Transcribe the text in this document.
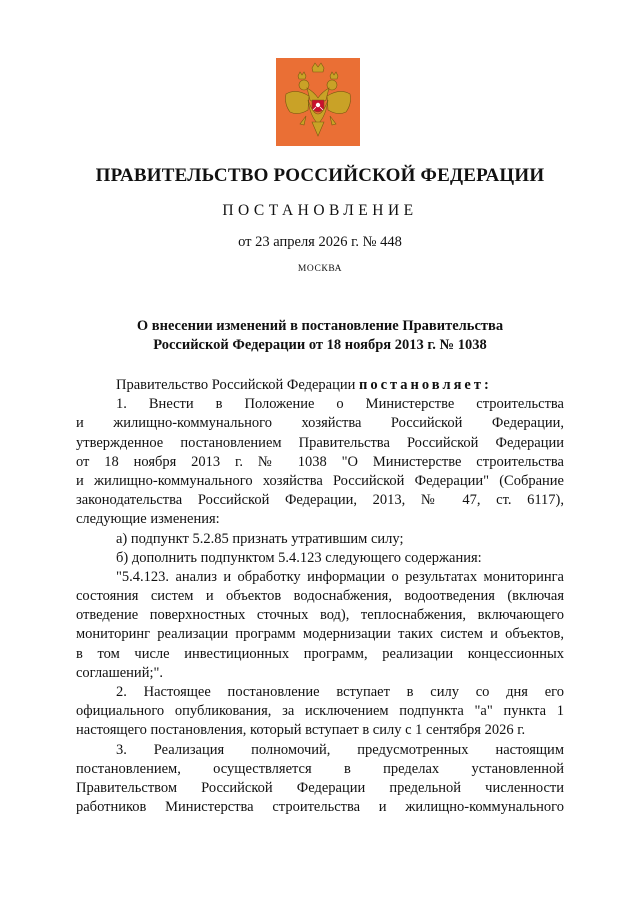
ПРАВИТЕЛЬСТВО РОССИЙСКОЙ ФЕДЕРАЦИИ
ПОСТАНОВЛЕНИЕ
от 23 апреля 2026 г. № 448
МОСКВА
О внесении изменений в постановление Правительства
Российской Федерации от 18 ноября 2013 г. № 1038
Правительство Российской Федерации постановляет:
1. Внести в Положение о Министерстве строительства
и жилищно-коммунального хозяйства Российской Федерации,
утвержденное постановлением Правительства Российской Федерации
от 18 ноября 2013 г. № 1038 "О Министерстве строительства
и жилищно-коммунального хозяйства Российской Федерации" (Собрание
законодательства Российской Федерации, 2013, № 47, ст. 6117),
следующие изменения:
а) подпункт 5.2.85 признать утратившим силу;
б) дополнить подпунктом 5.4.123 следующего содержания:
"5.4.123. анализ и обработку информации о результатах мониторинга
состояния систем и объектов водоснабжения, водоотведения (включая
отведение поверхностных сточных вод), теплоснабжения, включающего
мониторинг реализации программ модернизации таких систем и объектов,
в том числе инвестиционных программ, реализации концессионных
соглашений;".
2. Настоящее постановление вступает в силу со дня его
официального опубликования, за исключением подпункта "а" пункта 1
настоящего постановления, который вступает в силу с 1 сентября 2026 г.
3. Реализация полномочий, предусмотренных настоящим
постановлением, осуществляется в пределах установленной
Правительством Российской Федерации предельной численности
работников Министерства строительства и жилищно-коммунального
